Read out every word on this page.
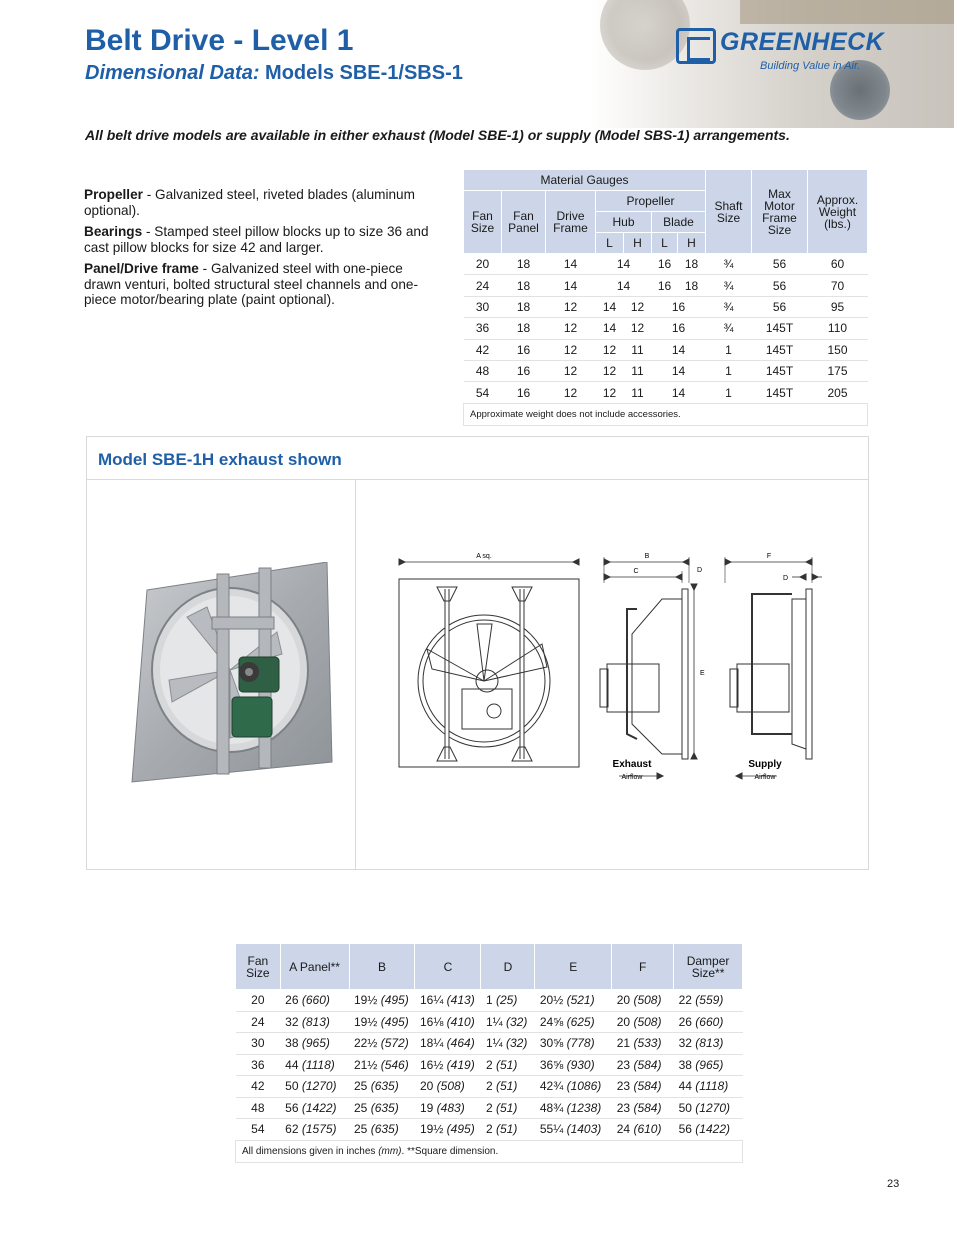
Belt Drive - Level 1
Dimensional Data: Models SBE-1/SBS-1
GREENHECK
Building Value in Air.
All belt drive models are available in either exhaust (Model SBE-1) or supply (Model SBS-1) arrangements.

Propeller - Galvanized steel, riveted blades (aluminum optional).

Bearings - Stamped steel pillow blocks up to size 36 and cast pillow blocks for size 42 and larger.

Panel/Drive frame - Galvanized steel with one-piece drawn venturi, bolted structural steel channels and one-piece motor/bearing plate (paint optional).

Material Gauges							Shaft Size	Max Motor Frame Size	Approx. Weight (lbs.)
Fan Size	Fan Panel	Drive Frame	Propeller						
			Hub		Blade				
			L	H	L	H			
20	18	14	14		16	18	¾	56	60
24	18	14	14		16	18	¾	56	70
30	18	12	14	12	16		¾	56	95
36	18	12	14	12	16		¾	145T	110
42	16	12	12	11	14		1	145T	150
48	16	12	12	11	14		1	145T	175
54	16	12	12	11	14		1	145T	205
Approximate weight does not include accessories.									
Model SBE-1H exhaust shown
A sq.	B
C	D
E
Exhaust
Airflow
F
D
Supply
Airflow
Fan Size	A Panel**	B	C	D	E	F	Damper Size**
20	26 (660)	19½ (495)	16¼ (413)	1 (25)	20½ (521)	20 (508)	22 (559)
24	32 (813)	19½ (495)	16⅛ (410)	1¼ (32)	24⅝ (625)	20 (508)	26 (660)
30	38 (965)	22½ (572)	18¼ (464)	1¼ (32)	30⅝ (778)	21 (533)	32 (813)
36	44 (1118)	21½ (546)	16½ (419)	2 (51)	36⅝ (930)	23 (584)	38 (965)
42	50 (1270)	25 (635)	20 (508)	2 (51)	42¾ (1086)	23 (584)	44 (1118)
48	56 (1422)	25 (635)	19 (483)	2 (51)	48¾ (1238)	23 (584)	50 (1270)
54	62 (1575)	25 (635)	19½ (495)	2 (51)	55¼ (1403)	24 (610)	56 (1422)
All dimensions given in inches (mm). **Square dimension.							
23
